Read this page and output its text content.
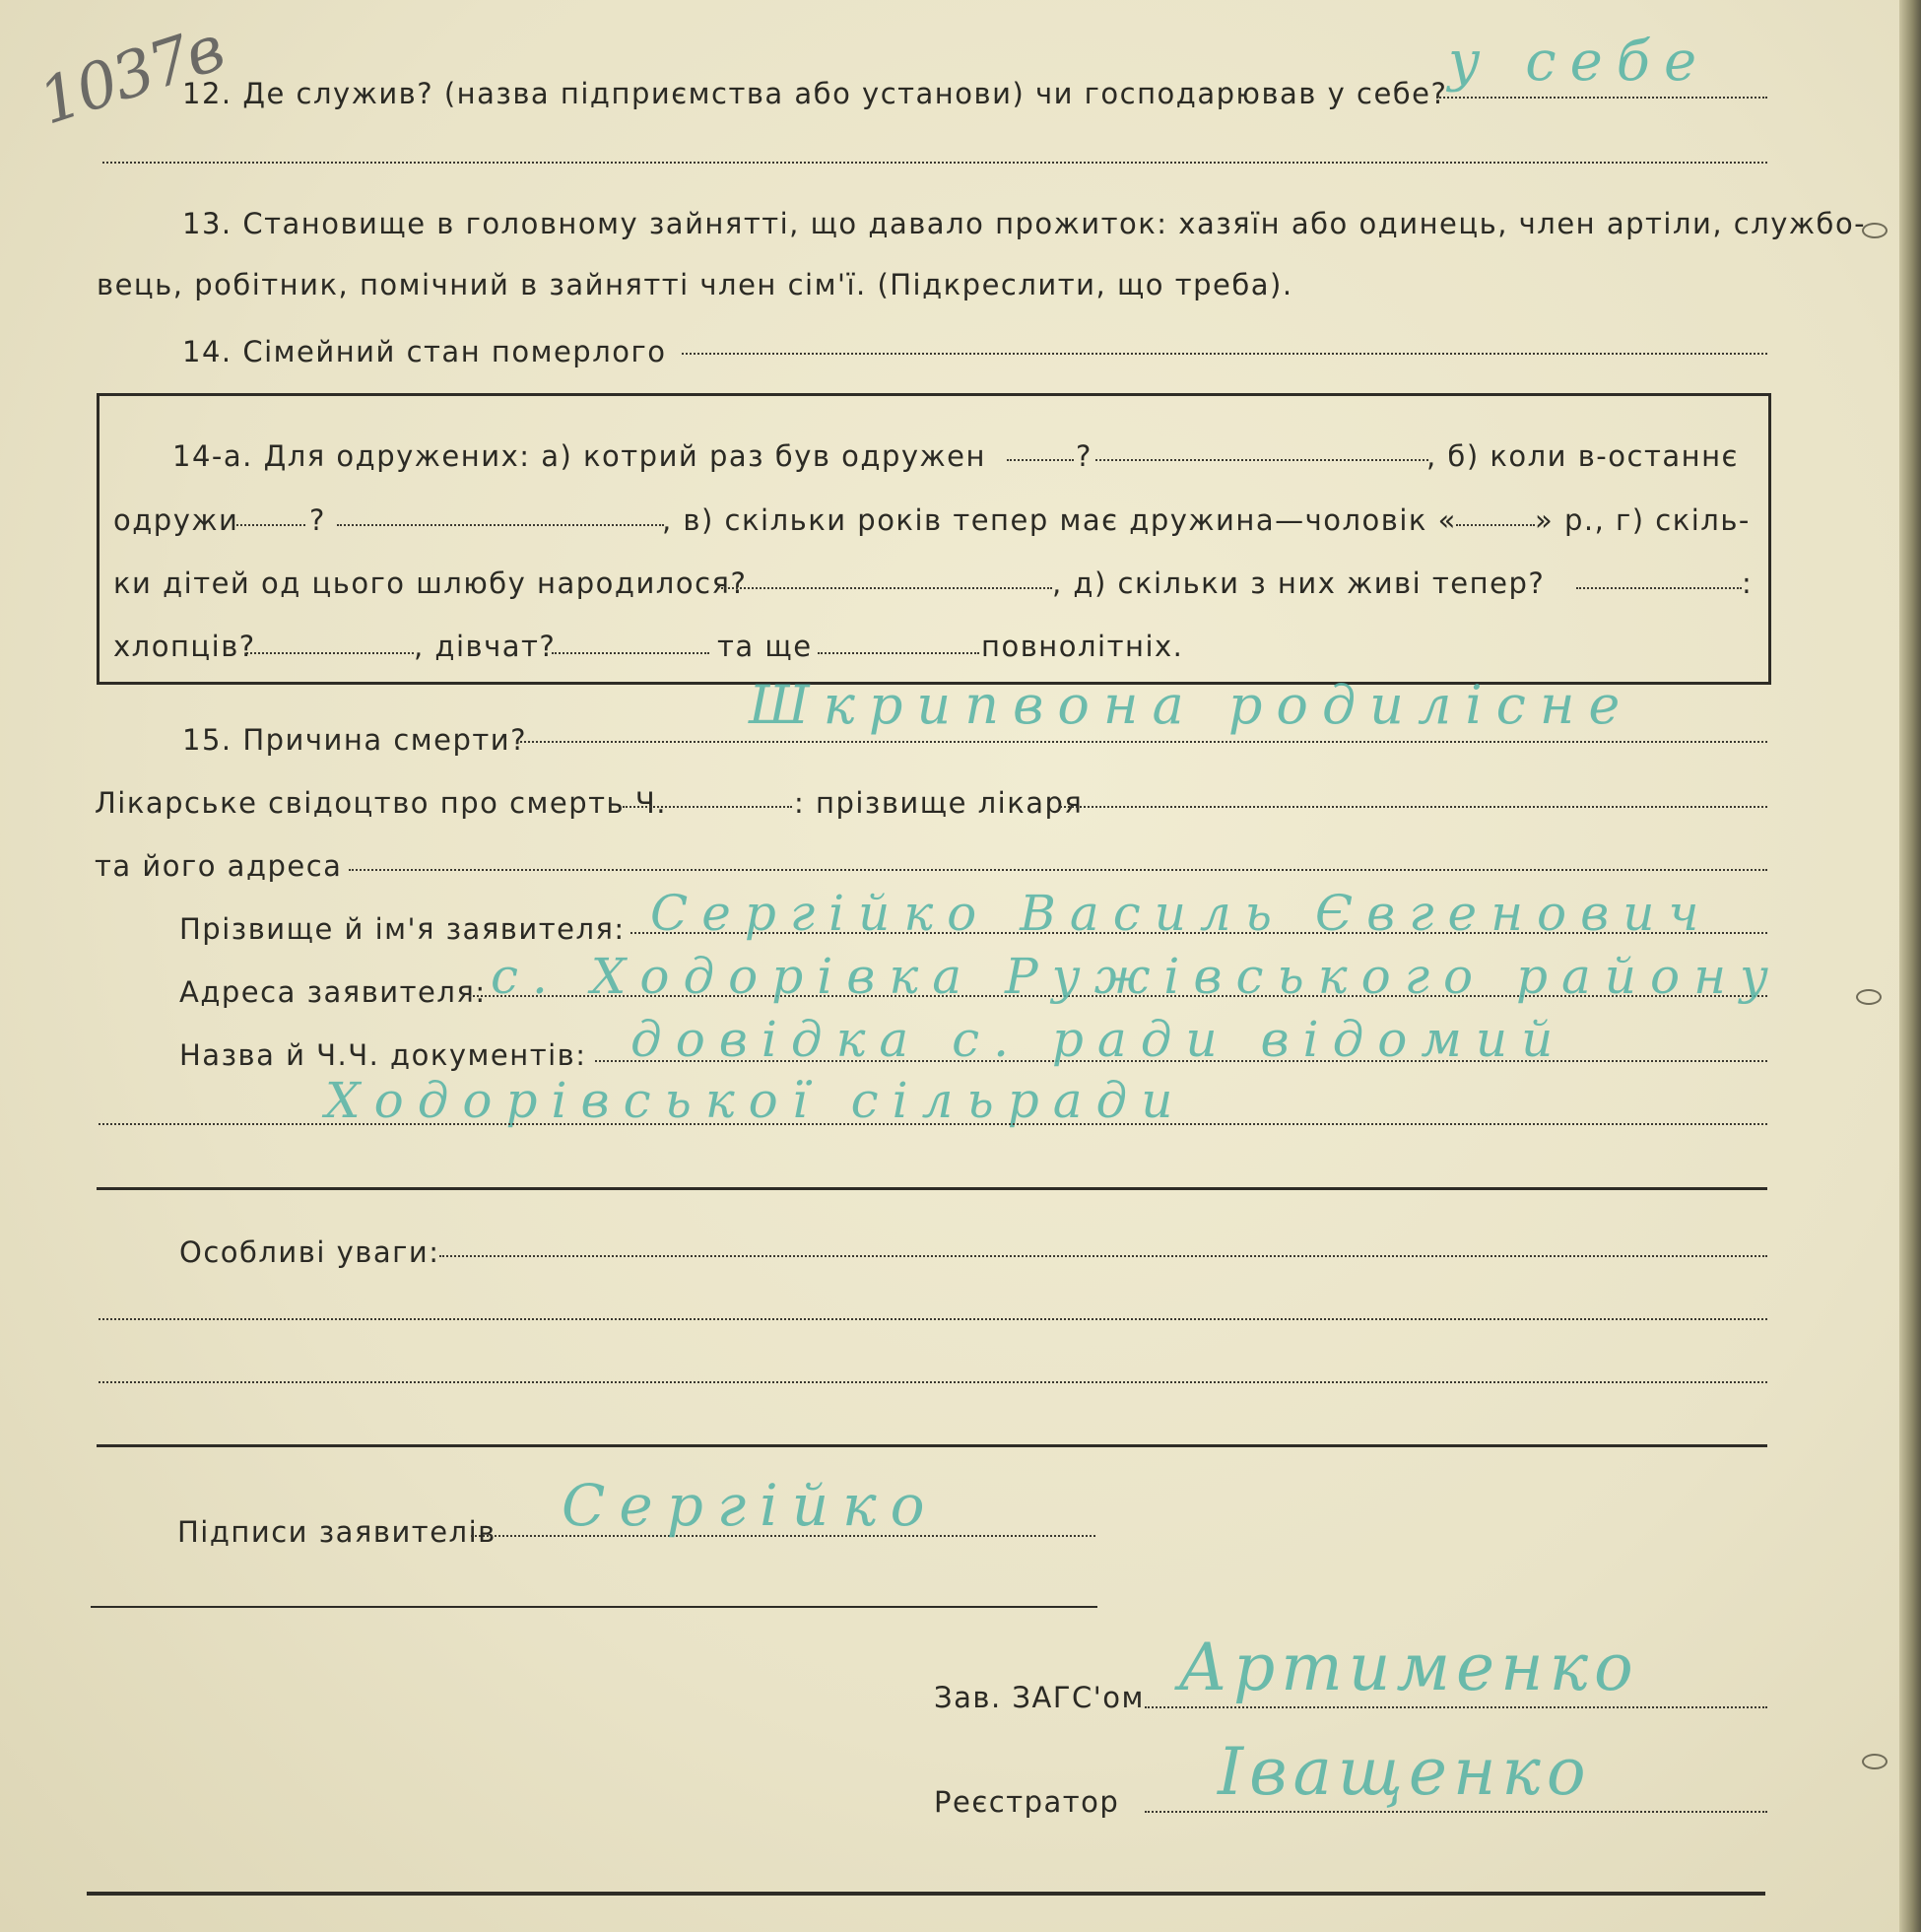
1037в
12. Де служив? (назва підприємства або установи) чи господарював у себе? у себе
13. Становище в головному зайнятті, що давало прожиток: хазяїн або одинець, член артіли, службо-
вець, робітник, помічний в зайнятті член сім'ї. (Підкреслити, що треба).
14. Сімейний стан померлого
14-а. Для одружених: а) котрий раз був одружен	?	, б) коли в-останнє
одружи ?	, в) скільки років тепер має дружина—чоловік «	» р., г) скіль-
ки дітей од цього шлюбу народилося?	, д) скільки з них живі тепер?	:
хлопців?	, дівчат?	та ще	повнолітніх.
15. Причина смерти?
Шкрипвона родилісне
Лікарське свідоцтво про смерть Ч.	: прізвище лікаря
та його адреса
Прізвище й ім'я заявителя: Сергійко Василь Євгенович
Адреса заявителя: с. Ходорівка Ружівського району
Назва й Ч.Ч. документів: довідка с. ради відомий
Ходорівської сільради
Особливі уваги:
Підписи заявителів Сергійко
Зав. ЗАГС'ом Артименко
Реєстратор Іващенко
